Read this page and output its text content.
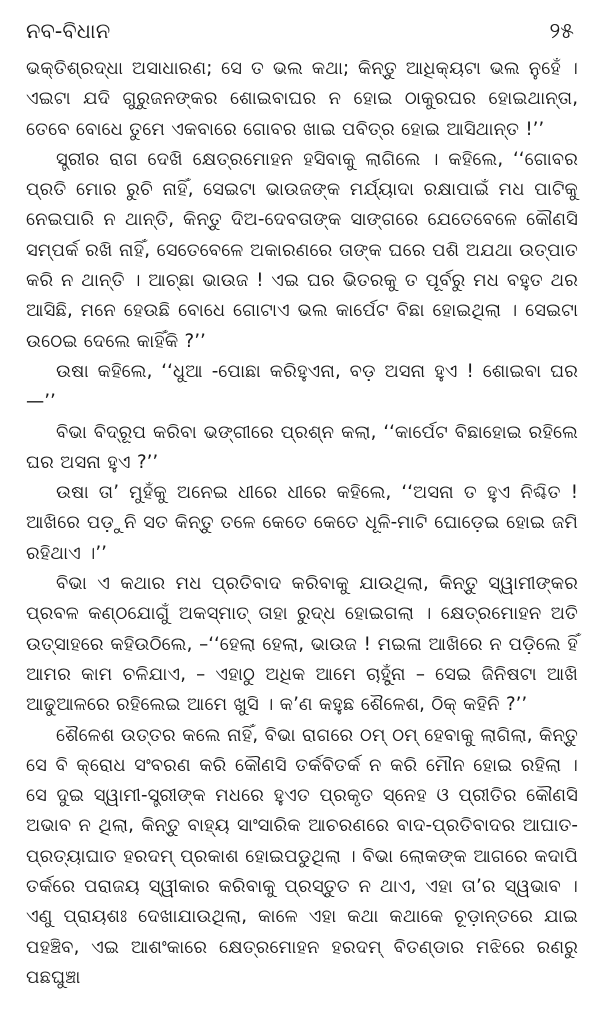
ନବ-ବିଧାନ	୨୫

ଭକ୍ତିଶ୍ରଦ୍ଧା ଅସାଧାରଣ; ସେ ତ ଭଲ କଥା; କିନ୍ତୁ ଆଧିକ୍ୟଟା ଭଲ ନୁହେଁ । ଏଇଟା ଯଦି ଗୁରୁଜନଙ୍କର ଶୋଇବାଘର ନ ହୋଇ ଠାକୁରଘର ହୋଇଥାନ୍ତା, ତେବେ ବୋଧେ ତୁମେ ଏକବାରେ ଗୋବର ଖାଇ ପବିତ୍ର ହୋଇ ଆସିଥାନ୍ତ !’’

ସ୍ତ୍ରୀର ରାଗ ଦେଖି କ୍ଷେତ୍ରମୋହନ ହସିବାକୁ ଲାଗିଲେ । କହିଲେ, ‘‘ଗୋବର ପ୍ରତି ମୋର ରୁଚି ନାହିଁ, ସେଇଟା ଭାଉଜଙ୍କ ମର୍ଯ୍ୟାଦା ରକ୍ଷାପାଇଁ ମଧ ପାଟିକୁ ନେଇପାରି ନ ଥାନ୍ତି, କିନ୍ତୁ ଦିଅ-ଦେବତାଙ୍କ ସାଙ୍ଗରେ ଯେତେବେଳେ କୌଣସି ସମ୍ପର୍କ ରଖି ନାହିଁ, ସେତେବେଳେ ଅକାରଣରେ ତାଙ୍କ ଘରେ ପଶି ଅଯଥା ଉତ୍ପାତ କରି ନ ଥାନ୍ତି । ଆଚ୍ଛା ଭାଉଜ ! ଏଇ ଘର ଭିତରକୁ ତ ପୂର୍ବରୁ ମଧ ବହୁତ ଥର ଆସିଛି, ମନେ ହେଉଛି ବୋଧେ ଗୋଟାଏ ଭଲ କାର୍ପେଟ ବିଛା ହୋଇଥିଲା । ସେଇଟା ଉଠେଇ ଦେଲେ କାହିଁକି ?’’

ଉଷା କହିଲେ, ‘‘ଧୁଆ -ପୋଛା କରିହୁଏନା, ବଡ଼ ଅସନା ହୁଏ ! ଶୋଇବା ଘର —’’

ବିଭା ବିଦ୍ରୂପ କରିବା ଭଙ୍ଗୀରେ ପ୍ରଶ୍ନ କଲା, ‘‘କାର୍ପେଟ ବିଛାହୋଇ ରହିଲେ ଘର ଅସନା ହୁଏ ?’’

ଉଷା ତା’ ମୁହଁକୁ ଅନେଇ ଧୀରେ ଧୀରେ କହିଲେ, ‘‘ଅସନା ତ ହୁଏ ନିଶ୍ଚିତ ! ଆଖିରେ ପଡ଼ୁନି ସତ କିନ୍ତୁ ତଳେ କେତେ କେତେ ଧୂଳି-ମାଟି ଘୋଡ଼େଇ ହୋଇ ଜମି ରହିଥାଏ ।’’

ବିଭା ଏ କଥାର ମଧ ପ୍ରତିବାଦ କରିବାକୁ ଯାଉଥିଲା, କିନ୍ତୁ ସ୍ୱାମୀଙ୍କର ପ୍ରବଳ କଣ୍ଠଯୋଗୁଁ ଅକସ୍ମାତ୍ ତାହା ରୁଦ୍ଧ ହୋଇଗଲା । କ୍ଷେତ୍ରମୋହନ ଅତି ଉତ୍ସାହରେ କହିଉଠିଲେ, –‘‘ହେଲା ହେଲା, ଭାଉଜ ! ମଇଳା ଆଖିରେ ନ ପଡ଼ିଲେ ହିଁ ଆମର କାମ ଚଳିଯାଏ, – ଏହାଠୁ ଅଧିକ ଆମେ ଚାହୁଁନା – ସେଇ ଜିନିଷଟା ଆଖି ଆଢୁଆଳରେ ରହିଲେଇ ଆମେ ଖୁସି । କ’ଣ କହୁଛ ଶୈଳେଶ, ଠିକ୍ କହିନି ?’’

ଶୈଳେଶ ଉତ୍ତର କଲେ ନାହିଁ, ବିଭା ରାଗରେ ଠମ୍ ଠମ୍ ହେବାକୁ ଲାଗିଲା, କିନ୍ତୁ ସେ ବି କ୍ରୋଧ ସଂବରଣ କରି କୌଣସି ତର୍କବିତର୍କ ନ କରି ମୌନ ହୋଇ ରହିଲା । ସେ ଦୁଇ ସ୍ୱାମୀ-ସ୍ତ୍ରୀଙ୍କ ମଧରେ ହୁଏତ ପ୍ରକୃତ ସ୍ନେହ ଓ ପ୍ରୀତିର କୌଣସି ଅଭାବ ନ ଥିଲା, କିନ୍ତୁ ବାହ୍ୟ ସାଂସାରିକ ଆଚରଣରେ ବାଦ-ପ୍ରତିବାଦର ଆଘାତ-ପ୍ରତ୍ୟାଘାତ ହରଦମ୍ ପ୍ରକାଶ ହୋଇପଡୁଥିଲା । ବିଭା ଲୋକଙ୍କ ଆଗରେ କଦାପି ତର୍କରେ ପରାଜୟ ସ୍ୱୀକାର କରିବାକୁ ପ୍ରସ୍ତୁତ ନ ଥାଏ, ଏହା ତା’ର ସ୍ୱଭାବ । ଏଣୁ ପ୍ରାୟଶଃ ଦେଖାଯାଉଥିଲା, କାଳେ ଏହା କଥା କଥାକେ ଚୂଡ଼ାନ୍ତରେ ଯାଇ ପହଞ୍ଚିବ, ଏଇ ଆଶଂକାରେ କ୍ଷେତ୍ରମୋହନ ହରଦମ୍ ବିତଣ୍ଡାର ମଝିରେ ରଣରୁ ପଛଘୁଞ୍ଚା
